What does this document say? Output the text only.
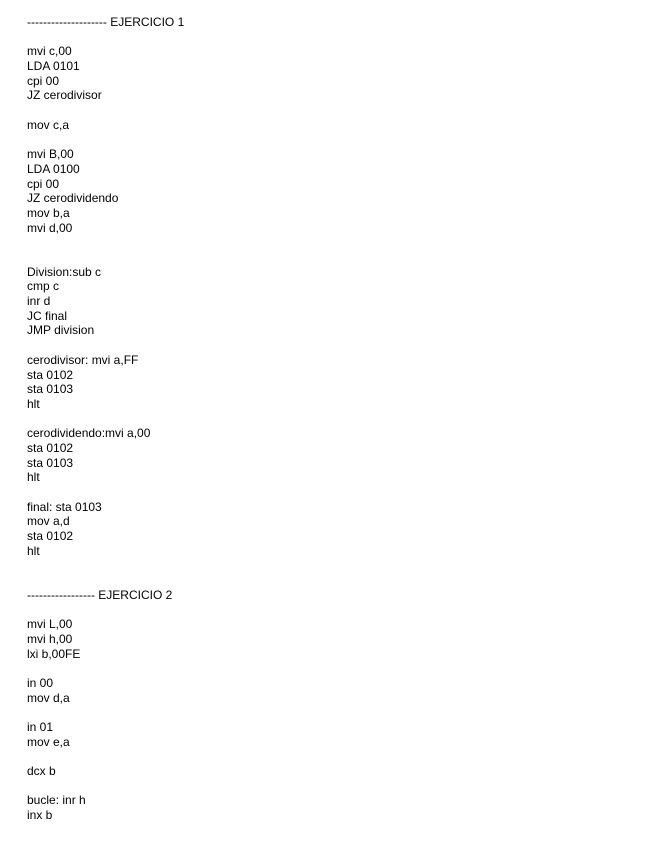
-------------------- EJERCICIO 1
mvi c,00
LDA 0101
cpi 00
JZ cerodivisor
mov c,a
mvi B,00
LDA 0100
cpi 00
JZ cerodividendo
mov b,a
mvi d,00
Division:sub c
cmp c
inr d
JC final
JMP division
cerodivisor: mvi a,FF
sta 0102
sta 0103
hlt
cerodividendo:mvi a,00
sta 0102
sta 0103
hlt
final: sta 0103
mov a,d
sta 0102
hlt
----------------- EJERCICIO 2
mvi L,00
mvi h,00
lxi b,00FE
in 00
mov d,a
in 01
mov e,a
dcx b
bucle: inr h
inx b
